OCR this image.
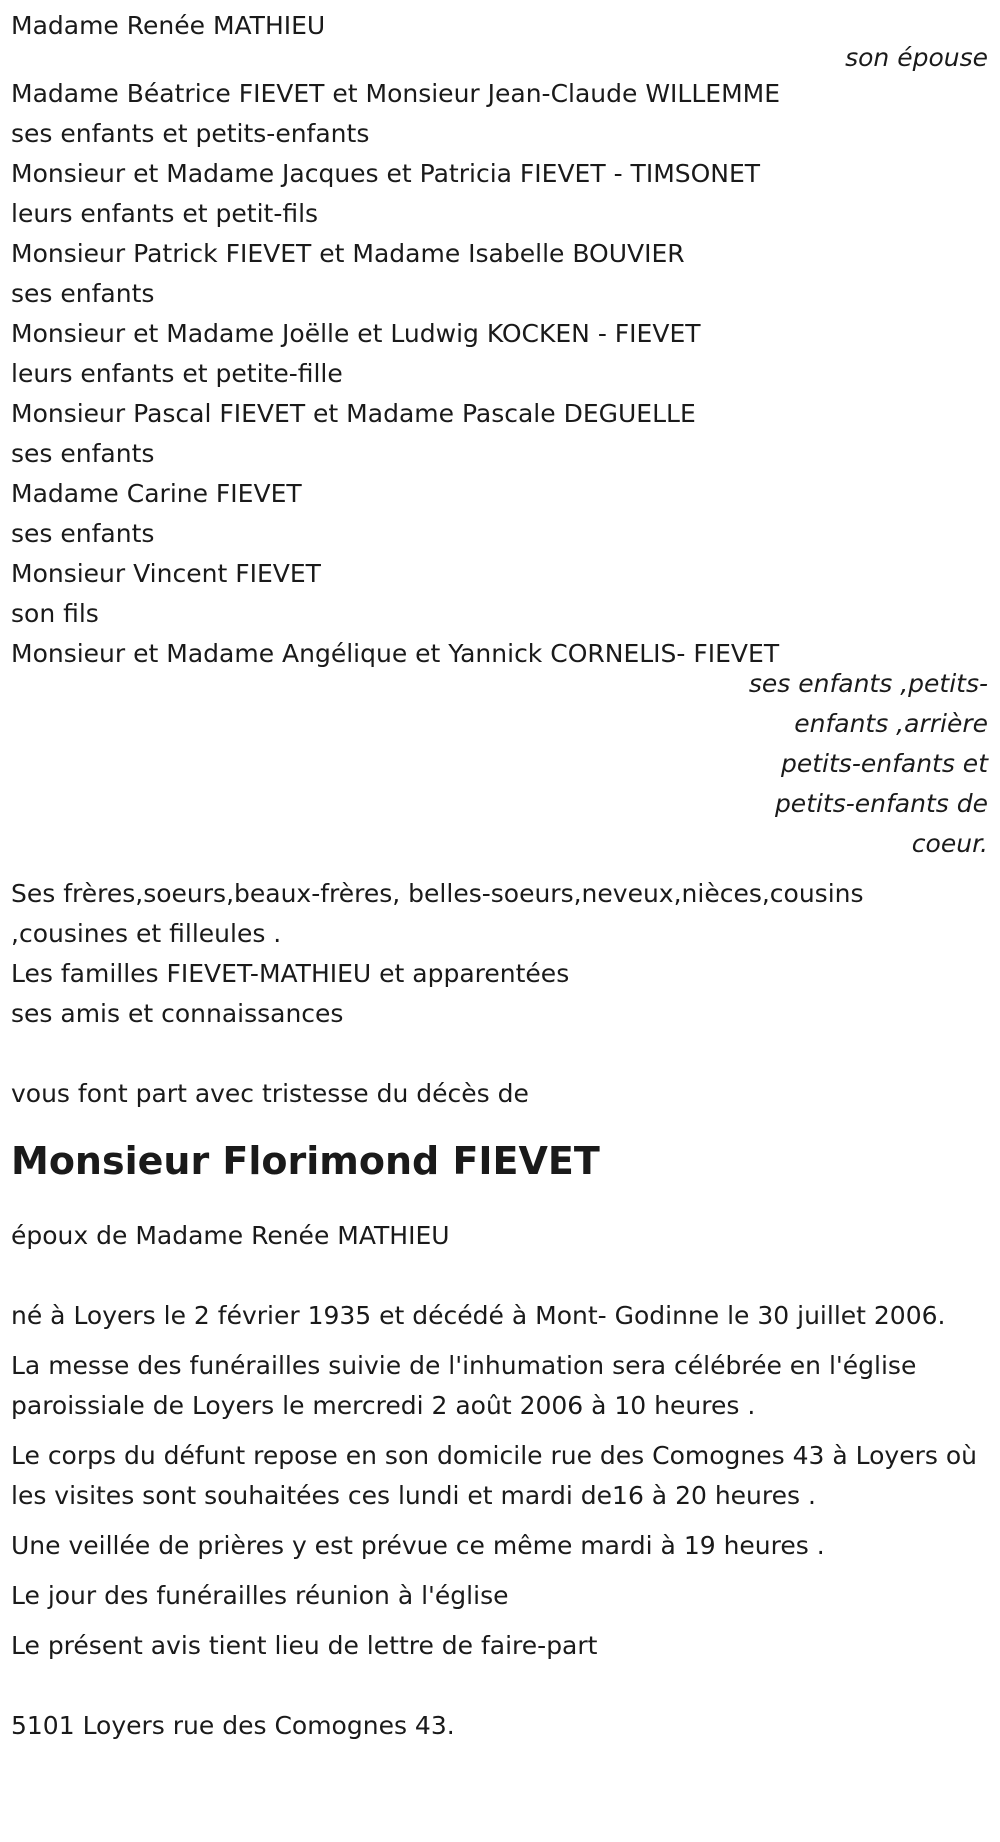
Madame Renée MATHIEU
son épouse
Madame Béatrice FIEVET et Monsieur Jean-Claude WILLEMME
ses enfants et petits-enfants
Monsieur et Madame Jacques et Patricia FIEVET - TIMSONET
leurs enfants et petit-fils
Monsieur Patrick FIEVET et Madame Isabelle BOUVIER
ses enfants
Monsieur et Madame Joëlle et Ludwig KOCKEN - FIEVET
leurs enfants et petite-fille
Monsieur Pascal FIEVET et Madame Pascale DEGUELLE
ses enfants
Madame Carine FIEVET
ses enfants
Monsieur Vincent FIEVET
son fils
Monsieur et Madame Angélique et Yannick CORNELIS- FIEVET
ses enfants ,petits-enfants ,arrière petits-enfants et petits-enfants de coeur.
Ses frères,soeurs,beaux-frères, belles-soeurs,neveux,nièces,cousins
,cousines et filleules .
Les familles FIEVET-MATHIEU et apparentées
ses amis et connaissances
vous font part avec tristesse du décès de
Monsieur Florimond FIEVET
époux de Madame Renée MATHIEU
né à Loyers le 2 février 1935 et décédé à Mont- Godinne le 30 juillet 2006.
La messe des funérailles suivie de l'inhumation sera célébrée en l'église paroissiale de Loyers le mercredi 2 août 2006 à 10 heures .
Le corps du défunt repose en son domicile rue des Comognes 43 à Loyers où les visites sont souhaitées ces lundi et mardi de16 à 20 heures .
Une veillée de prières y est prévue ce même mardi à 19 heures .
Le jour des funérailles réunion à l'église
Le présent avis tient lieu de lettre de faire-part
5101 Loyers rue des Comognes 43.
